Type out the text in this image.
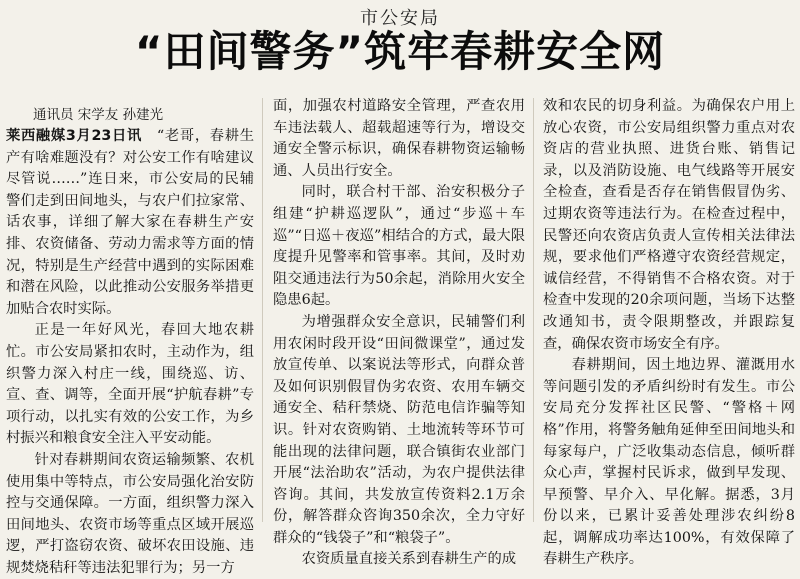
市公安局
“田间警务”筑牢春耕安全网

通讯员 宋学友 孙建光

莱西融媒3月23日讯　 “老哥，春耕生产有啥难题没有？对公安工作有啥建议尽管说……”连日来，市公安局的民辅警们走到田间地头，与农户们拉家常、话农事，详细了解大家在春耕生产安排、农资储备、劳动力需求等方面的情况，特别是生产经营中遇到的实际困难和潜在风险，以此推动公安服务举措更加贴合农时实际。

正是一年好风光，春回大地农耕忙。市公安局紧扣农时，主动作为，组织警力深入村庄一线，围绕巡、访、宣、查、调等，全面开展“护航春耕”专项行动，以扎实有效的公安工作，为乡村振兴和粮食安全注入平安动能。

针对春耕期间农资运输频繁、农机使用集中等特点，市公安局强化治安防控与交通保障。一方面，组织警力深入田间地头、农资市场等重点区域开展巡逻，严打盗窃农资、破坏农田设施、违规焚烧秸秆等违法犯罪行为；另一方

面，加强农村道路安全管理，严查农用车违法载人、超载超速等行为，增设交通安全警示标识，确保春耕物资运输畅通、人员出行安全。

同时，联合村干部、治安积极分子组建“护耕巡逻队”，通过“步巡＋车巡”“日巡＋夜巡”相结合的方式，最大限度提升见警率和管事率。其间，及时劝阻交通违法行为50余起，消除用火安全隐患6起。

为增强群众安全意识，民辅警们利用农闲时段开设“田间微课堂”，通过发放宣传单、以案说法等形式，向群众普及如何识别假冒伪劣农资、农用车辆交通安全、秸秆禁烧、防范电信诈骗等知识。针对农资购销、土地流转等环节可能出现的法律问题，联合镇街农业部门开展“法治助农”活动，为农户提供法律咨询。其间，共发放宣传资料2.1万余份，解答群众咨询350余次，全力守好群众的“钱袋子”和“粮袋子”。

农资质量直接关系到春耕生产的成

效和农民的切身利益。为确保农户用上放心农资，市公安局组织警力重点对农资店的营业执照、进货台账、销售记录，以及消防设施、电气线路等开展安全检查，查看是否存在销售假冒伪劣、过期农资等违法行为。在检查过程中，民警还向农资店负责人宣传相关法律法规，要求他们严格遵守农资经营规定，诚信经营，不得销售不合格农资。对于检查中发现的20余项问题，当场下达整改通知书，责令限期整改，并跟踪复查，确保农资市场安全有序。

春耕期间，因土地边界、灌溉用水等问题引发的矛盾纠纷时有发生。市公安局充分发挥社区民警、“警格＋网格”作用，将警务触角延伸至田间地头和每家每户，广泛收集动态信息，倾听群众心声，掌握村民诉求，做到早发现、早预警、早介入、早化解。据悉，3月份以来，已累计妥善处理涉农纠纷8起，调解成功率达100%，有效保障了春耕生产秩序。
